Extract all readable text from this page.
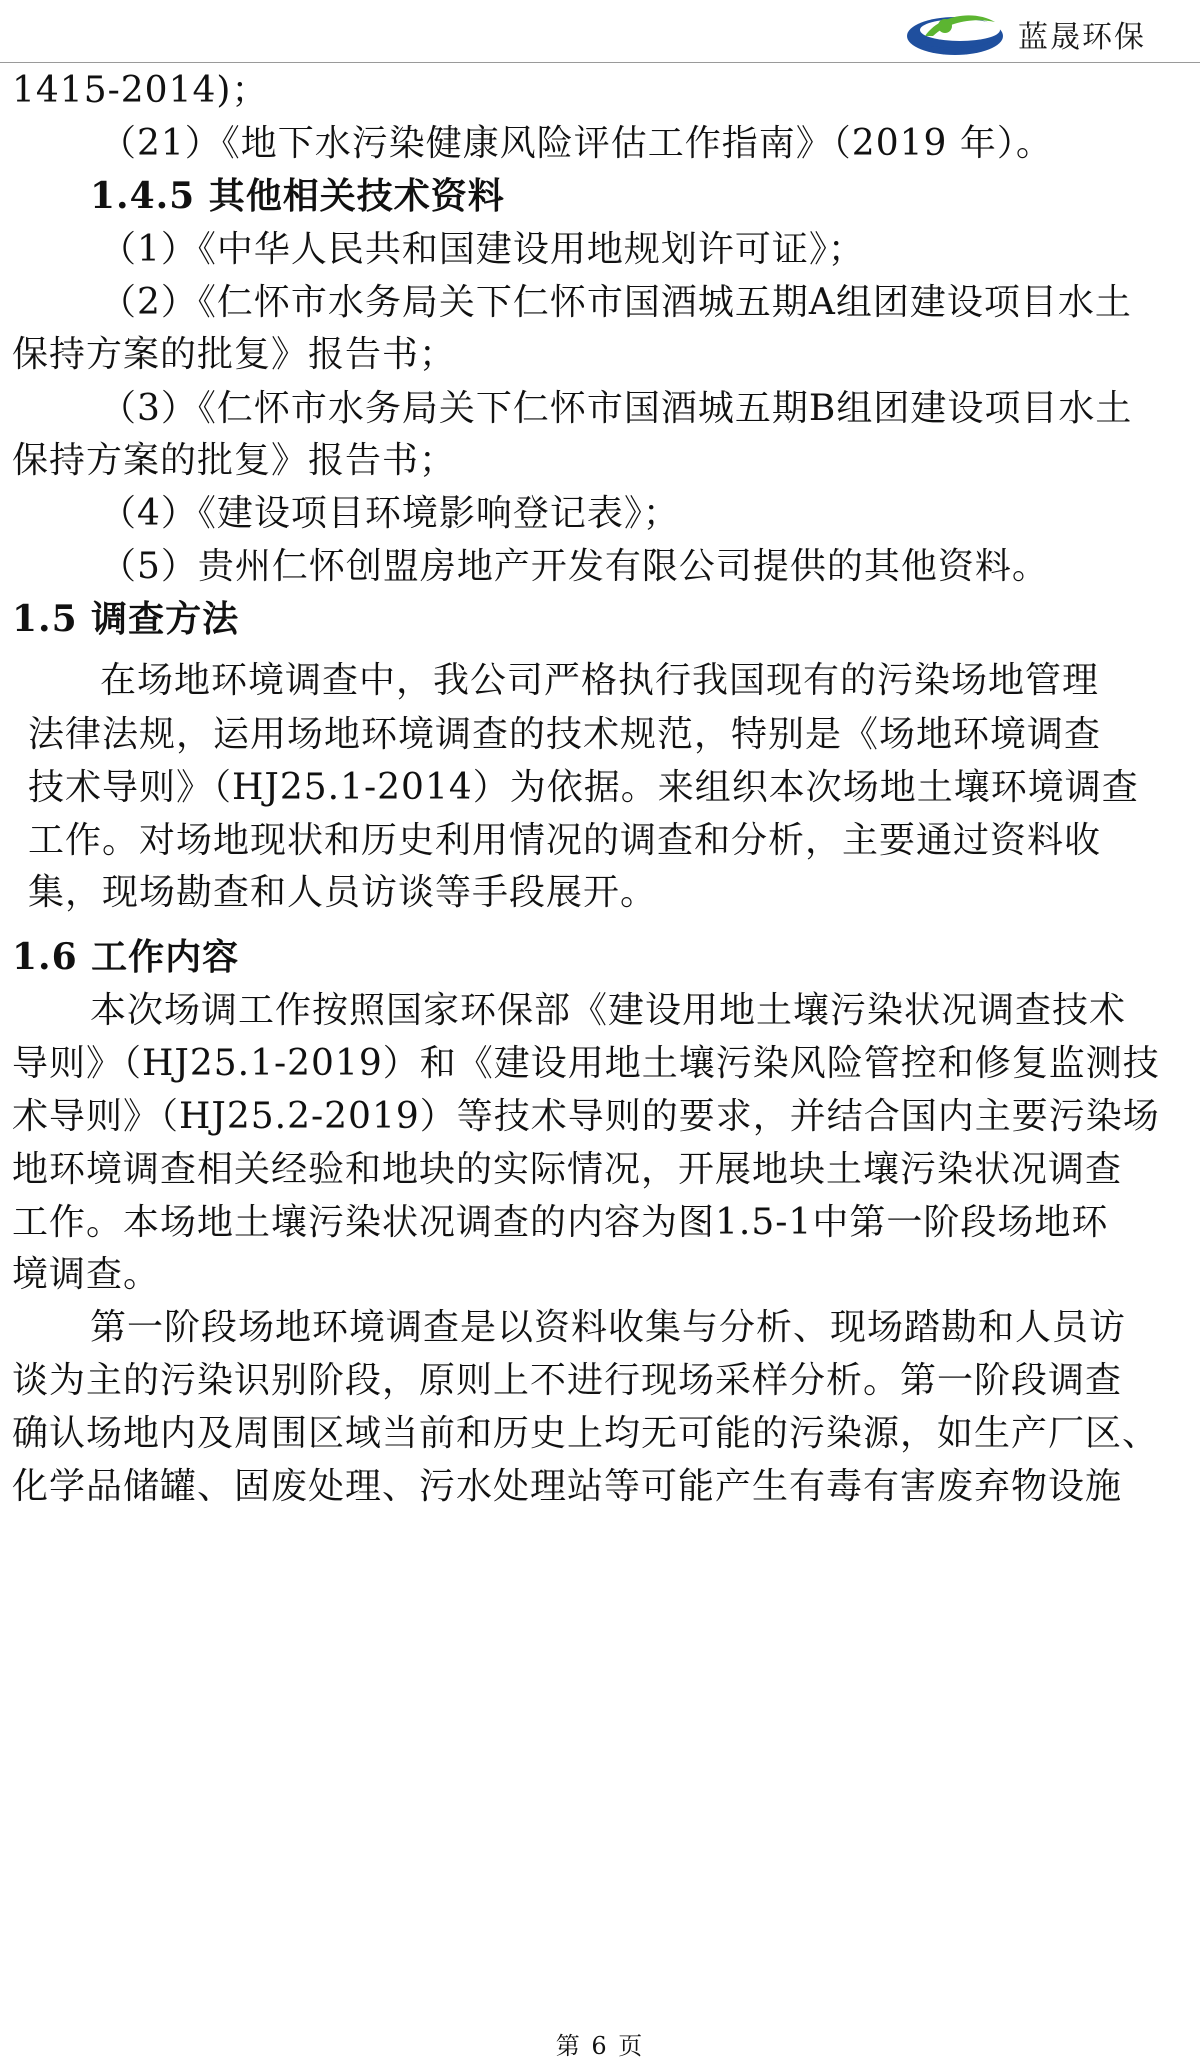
蓝晟环保
1415-2014)；
（21）《地下水污染健康风险评估工作指南》（2019 年）。
1.4.5 其他相关技术资料
（1）《中华人民共和国建设用地规划许可证》；
（2）《仁怀市水务局关下仁怀市国酒城五期A组团建设项目水土
保持方案的批复》报告书；
（3）《仁怀市水务局关下仁怀市国酒城五期B组团建设项目水土
保持方案的批复》报告书；
（4）《建设项目环境影响登记表》；
（5）贵州仁怀创盟房地产开发有限公司提供的其他资料。
1.5 调查方法
在场地环境调查中，我公司严格执行我国现有的污染场地管理
法律法规，运用场地环境调查的技术规范，特别是《场地环境调查
技术导则》（HJ25.1-2014）为依据。来组织本次场地土壤环境调查
工作。对场地现状和历史利用情况的调查和分析，主要通过资料收
集，现场勘查和人员访谈等手段展开。
1.6 工作内容
本次场调工作按照国家环保部《建设用地土壤污染状况调查技术
导则》（HJ25.1-2019）和《建设用地土壤污染风险管控和修复监测技
术导则》（HJ25.2-2019）等技术导则的要求，并结合国内主要污染场
地环境调查相关经验和地块的实际情况，开展地块土壤污染状况调查
工作。本场地土壤污染状况调查的内容为图1.5-1中第一阶段场地环
境调查。
第一阶段场地环境调查是以资料收集与分析、现场踏勘和人员访
谈为主的污染识别阶段，原则上不进行现场采样分析。第一阶段调查
确认场地内及周围区域当前和历史上均无可能的污染源，如生产厂区、
化学品储罐、固废处理、污水处理站等可能产生有毒有害废弃物设施
第 6 页
